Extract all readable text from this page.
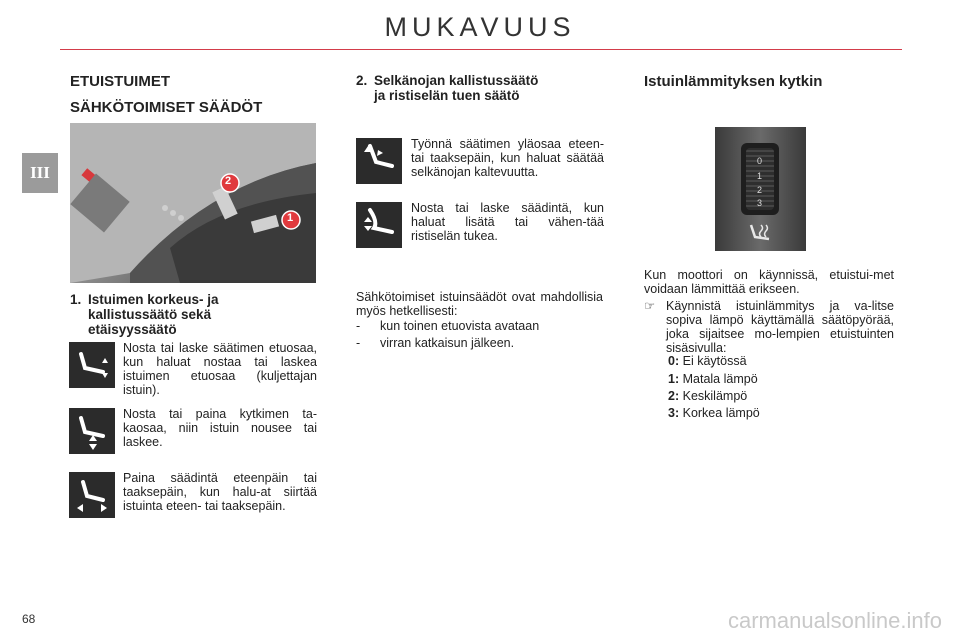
MUKAVUUS
III
ETUISTUIMET
SÄHKÖTOIMISET SÄÄDÖT
2
1
1. Istuimen korkeus- ja
kallistussäätö sekä
etäisyyssäätö
Nosta tai laske säätimen etuosaa, kun haluat nostaa tai laskea istuimen etuosaa (kuljettajan istuin).
Nosta tai paina kytkimen ta-kaosaa, niin istuin nousee tai laskee.
Paina säädintä eteenpäin tai taaksepäin, kun halu-at siirtää istuinta eteen- tai taaksepäin.
2. Selkänojan kallistussäätö
ja ristiselän tuen säätö
Työnnä säätimen yläosaa eteen- tai taaksepäin, kun haluat säätää selkänojan kaltevuutta.
Nosta tai laske säädintä, kun haluat lisätä tai vähen-tää ristiselän tukea.
Sähkötoimiset istuinsäädöt ovat mahdollisia myös hetkellisesti:
-	kun toinen etuovista avataan
-	virran katkaisun jälkeen.
Istuinlämmityksen kytkin
0
1
2
3
Kun moottori on käynnissä, etuistui-met voidaan lämmittää erikseen.
☞ Käynnistä istuinlämmitys ja va-litse sopiva lämpö käyttämällä säätöpyörää, joka sijaitsee mo-lempien etuistuinten sisäsivulla:
0: Ei käytössä
1: Matala lämpö
2: Keskilämpö
3: Korkea lämpö
68	carmanualsonline.info
